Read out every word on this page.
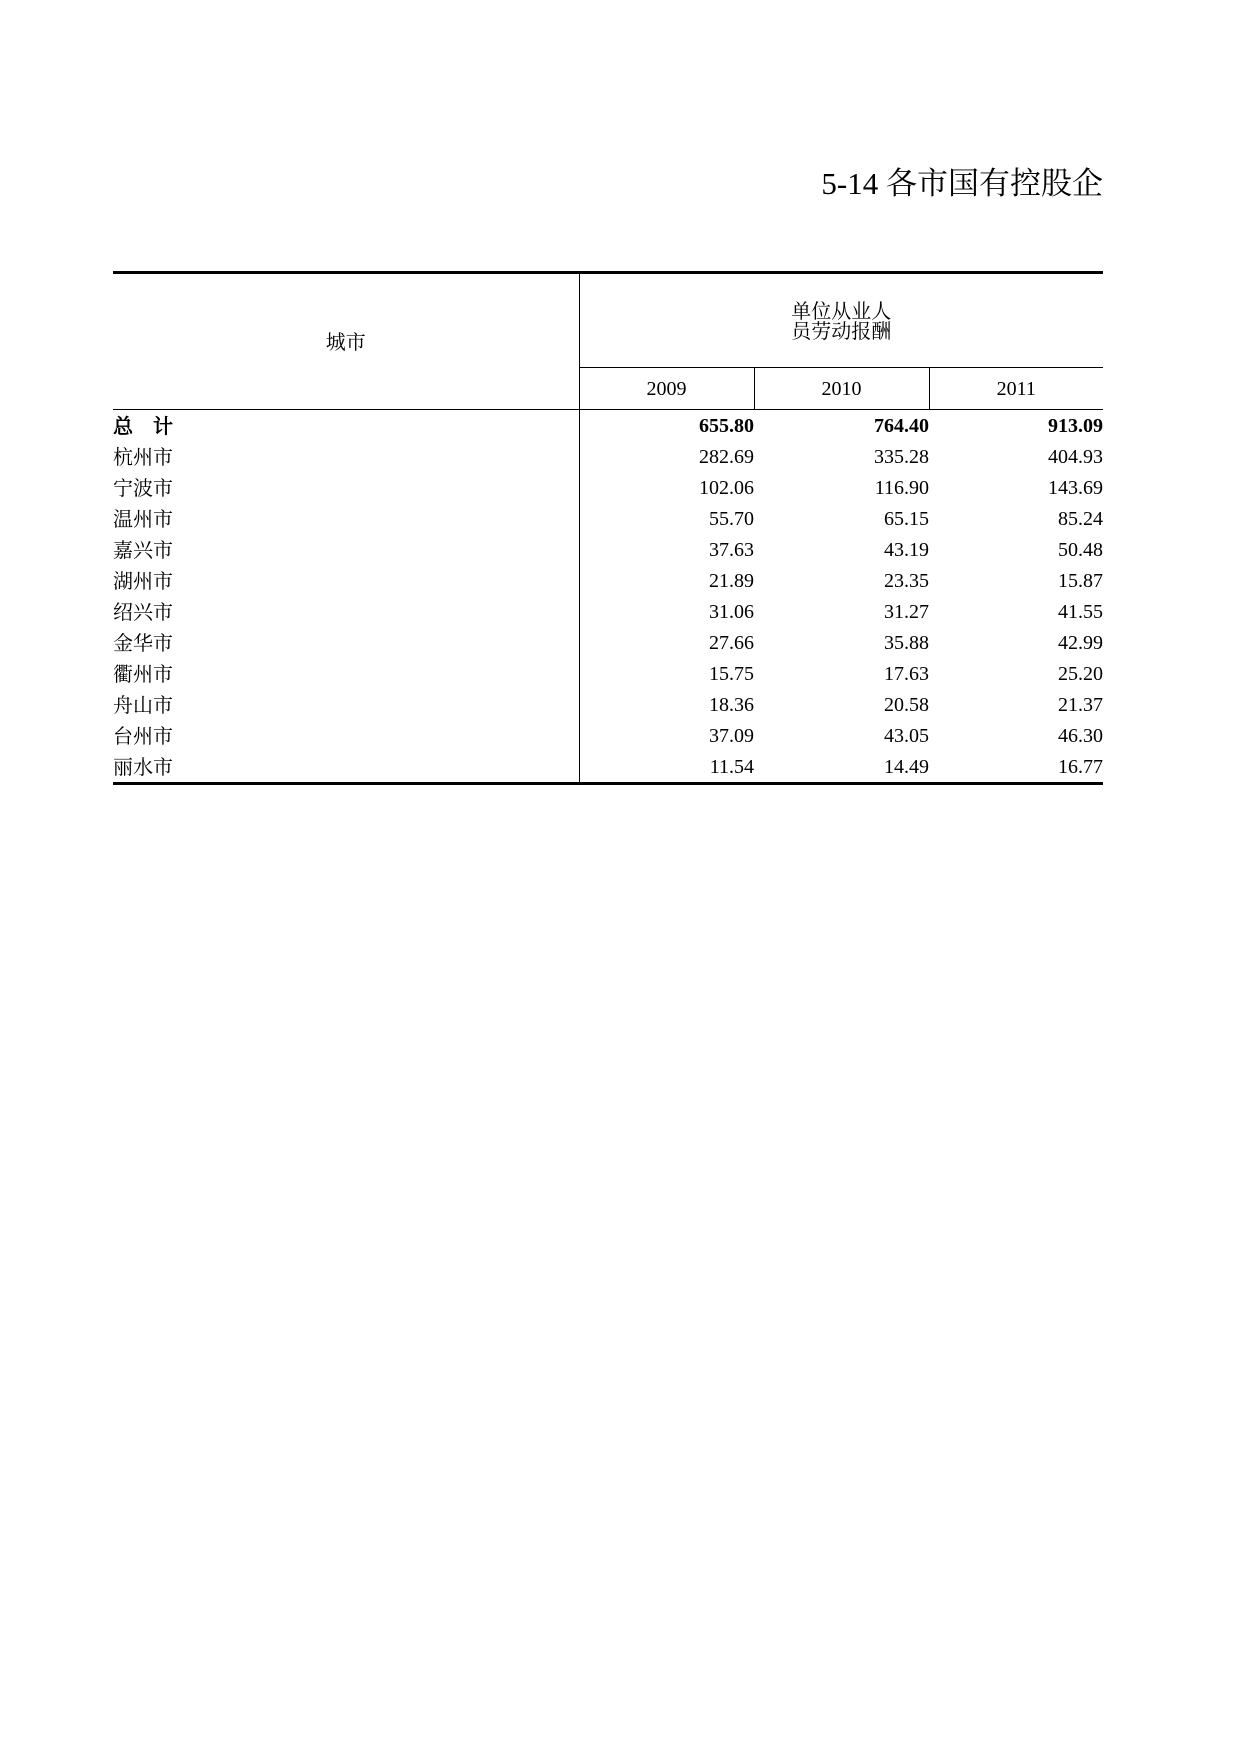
5-14 各市国有控股企
城市	单位从业人
员劳动报酬		

	2009	2010	2011
总　计	655.80	764.40	913.09
杭州市	282.69	335.28	404.93
宁波市	102.06	116.90	143.69
温州市	55.70	65.15	85.24
嘉兴市	37.63	43.19	50.48
湖州市	21.89	23.35	15.87
绍兴市	31.06	31.27	41.55
金华市	27.66	35.88	42.99
衢州市	15.75	17.63	25.20
舟山市	18.36	20.58	21.37
台州市	37.09	43.05	46.30
丽水市	11.54	14.49	16.77
